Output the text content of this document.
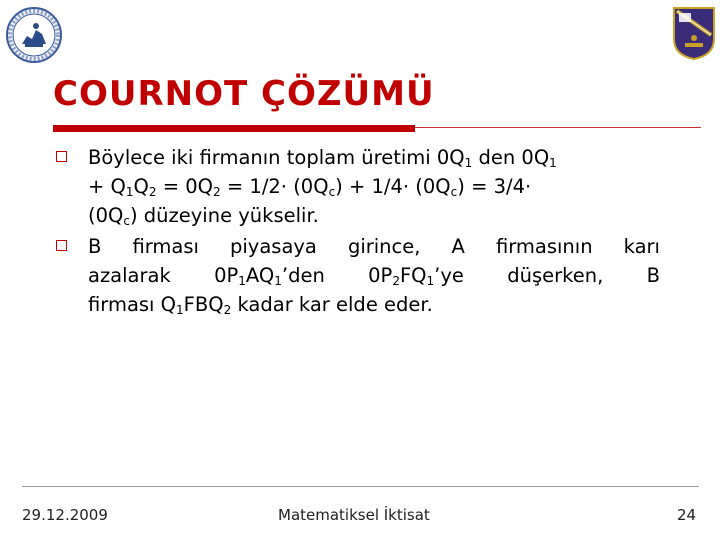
COURNOT ÇÖZÜMÜ
Böylece iki firmanın toplam üretimi $0Q_1$ den $0Q_1$
+ $Q_1Q_2 = 0Q_2 = 1/2\cdot (0Q_c) + 1/4\cdot (0Q_c) = 3/4\cdot$
$(0Q_c)$ düzeyine yükselir.
B firması piyasaya girince, A firmasının karı
azalarak $0P_1AQ_1’den$ $0P_2FQ_1’ye$ düşerken, B
firması $Q_1FBQ_2$ kadar kar elde eder.
29.12.2009	Matematiksel İktisat	24
